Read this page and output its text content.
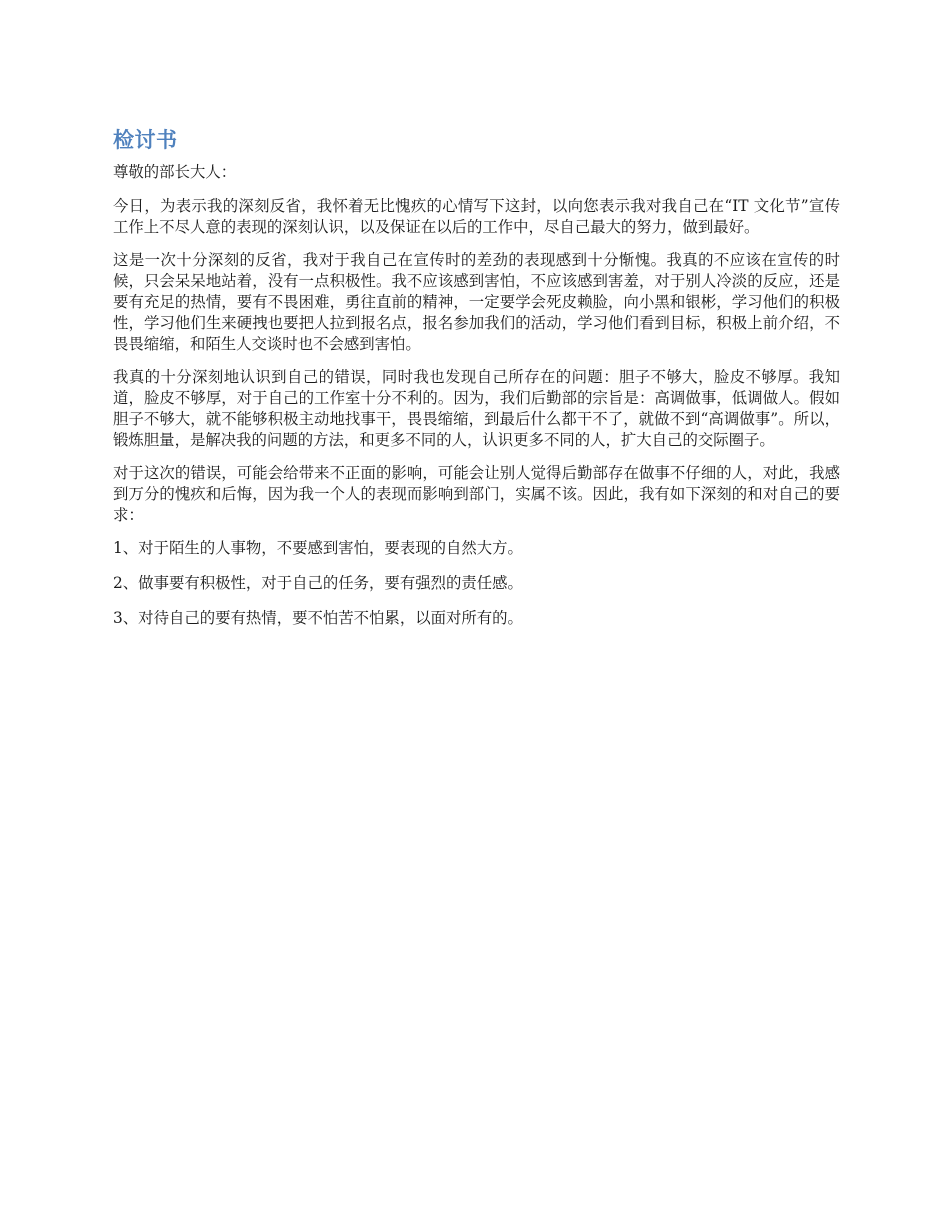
检讨书

尊敬的部长大人：

今日，为表示我的深刻反省，我怀着无比愧疚的心情写下这封，以向您表示我对我自己在“IT 文化节”宣传工作上不尽人意的表现的深刻认识，以及保证在以后的工作中，尽自己最大的努力，做到最好。

这是一次十分深刻的反省，我对于我自己在宣传时的差劲的表现感到十分惭愧。我真的不应该在宣传的时候，只会呆呆地站着，没有一点积极性。我不应该感到害怕，不应该感到害羞，对于别人冷淡的反应，还是要有充足的热情，要有不畏困难，勇往直前的精神，一定要学会死皮赖脸，向小黑和银彬，学习他们的积极性，学习他们生来硬拽也要把人拉到报名点，报名参加我们的活动，学习他们看到目标，积极上前介绍，不畏畏缩缩，和陌生人交谈时也不会感到害怕。

我真的十分深刻地认识到自己的错误，同时我也发现自己所存在的问题：胆子不够大，脸皮不够厚。我知道，脸皮不够厚，对于自己的工作室十分不利的。因为，我们后勤部的宗旨是：高调做事，低调做人。假如胆子不够大，就不能够积极主动地找事干，畏畏缩缩，到最后什么都干不了，就做不到“高调做事”。所以，锻炼胆量，是解决我的问题的方法，和更多不同的人，认识更多不同的人，扩大自己的交际圈子。

对于这次的错误，可能会给带来不正面的影响，可能会让别人觉得后勤部存在做事不仔细的人，对此，我感到万分的愧疚和后悔，因为我一个人的表现而影响到部门，实属不该。因此，我有如下深刻的和对自己的要求：

1、对于陌生的人事物，不要感到害怕，要表现的自然大方。

2、做事要有积极性，对于自己的任务，要有强烈的责任感。

3、对待自己的要有热情，要不怕苦不怕累，以面对所有的。
